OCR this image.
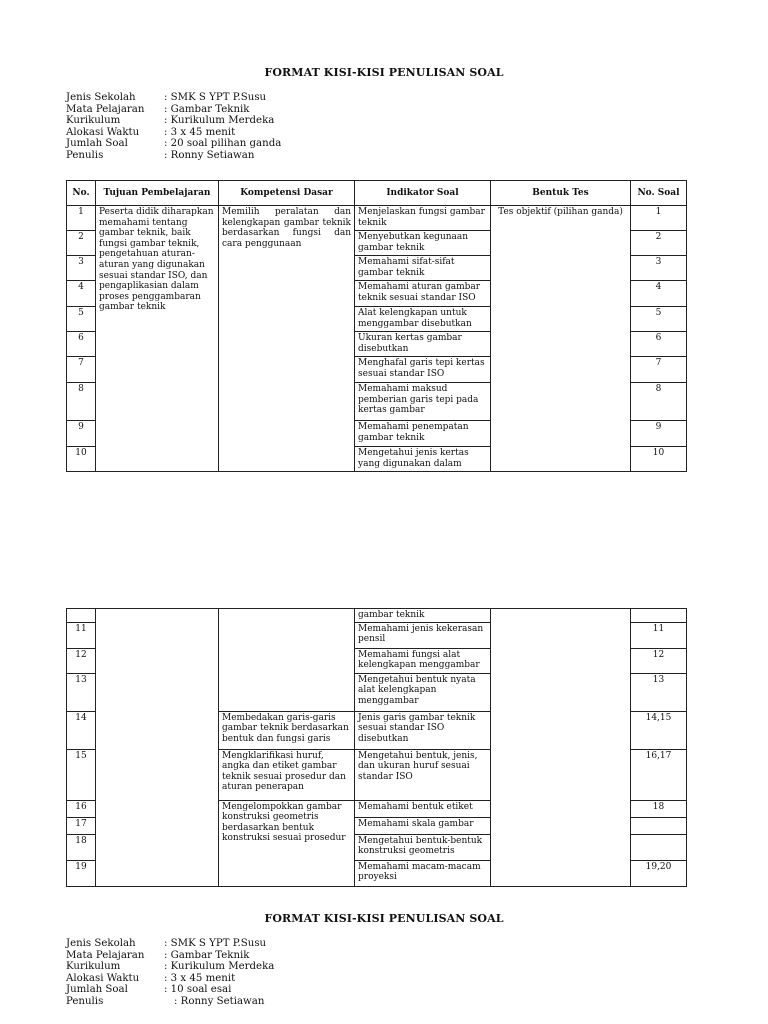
FORMAT KISI-KISI PENULISAN SOAL
Jenis Sekolah	: SMK S YPT P.Susu
Mata Pelajaran	: Gambar Teknik
Kurikulum	: Kurikulum Merdeka
Alokasi Waktu	: 3 x 45 menit
Jumlah Soal	: 20 soal pilihan ganda
Penulis	: Ronny Setiawan
No.	Tujuan Pembelajaran	Kompetensi Dasar	Indikator Soal	Bentuk Tes	No. Soal
1	Peserta didik diharapkan memahami tentang gambar teknik, baik fungsi gambar teknik, pengetahuan aturan-aturan yang digunakan sesuai standar ISO, dan pengaplikasian dalam proses penggambaran gambar teknik	Memilih peralatan dan kelengkapan gambar teknik berdasarkan fungsi dan cara penggunaan	Menjelaskan fungsi gambar teknik	Tes objektif (pilihan ganda)	1
2			Menyebutkan kegunaan gambar teknik		2
3			Memahami sifat-sifat gambar teknik		3
4			Memahami aturan gambar teknik sesuai standar ISO		4
5			Alat kelengkapan untuk menggambar disebutkan		5
6			Ukuran kertas gambar disebutkan		6
7			Menghafal garis tepi kertas sesuai standar ISO		7
8			Memahami maksud pemberian garis tepi pada kertas gambar		8
9			Memahami penempatan gambar teknik		9
10			Mengetahui jenis kertas yang digunakan dalam		10
			gambar teknik		
11			Memahami jenis kekerasan pensil		11
12			Memahami fungsi alat kelengkapan menggambar		12
13			Mengetahui bentuk nyata alat kelengkapan menggambar		13
14		Membedakan garis-garis gambar teknik berdasarkan bentuk dan fungsi garis	Jenis garis gambar teknik sesuai standar ISO disebutkan		14,15
15		Mengklarifikasi huruf, angka dan etiket gambar teknik sesuai prosedur dan aturan penerapan	Mengetahui bentuk, jenis, dan ukuran huruf sesuai standar ISO		16,17
16		Mengelompokkan gambar konstruksi geometris berdasarkan bentuk konstruksi sesuai prosedur	Memahami bentuk etiket		18
17			Memahami skala gambar		
18			Mengetahui bentuk-bentuk konstruksi geometris		
19			Memahami macam-macam proyeksi		19,20
FORMAT KISI-KISI PENULISAN SOAL
Jenis Sekolah	: SMK S YPT P.Susu
Mata Pelajaran	: Gambar Teknik
Kurikulum	: Kurikulum Merdeka
Alokasi Waktu	: 3 x 45 menit
Jumlah Soal	: 10 soal esai
Penulis	: Ronny Setiawan
